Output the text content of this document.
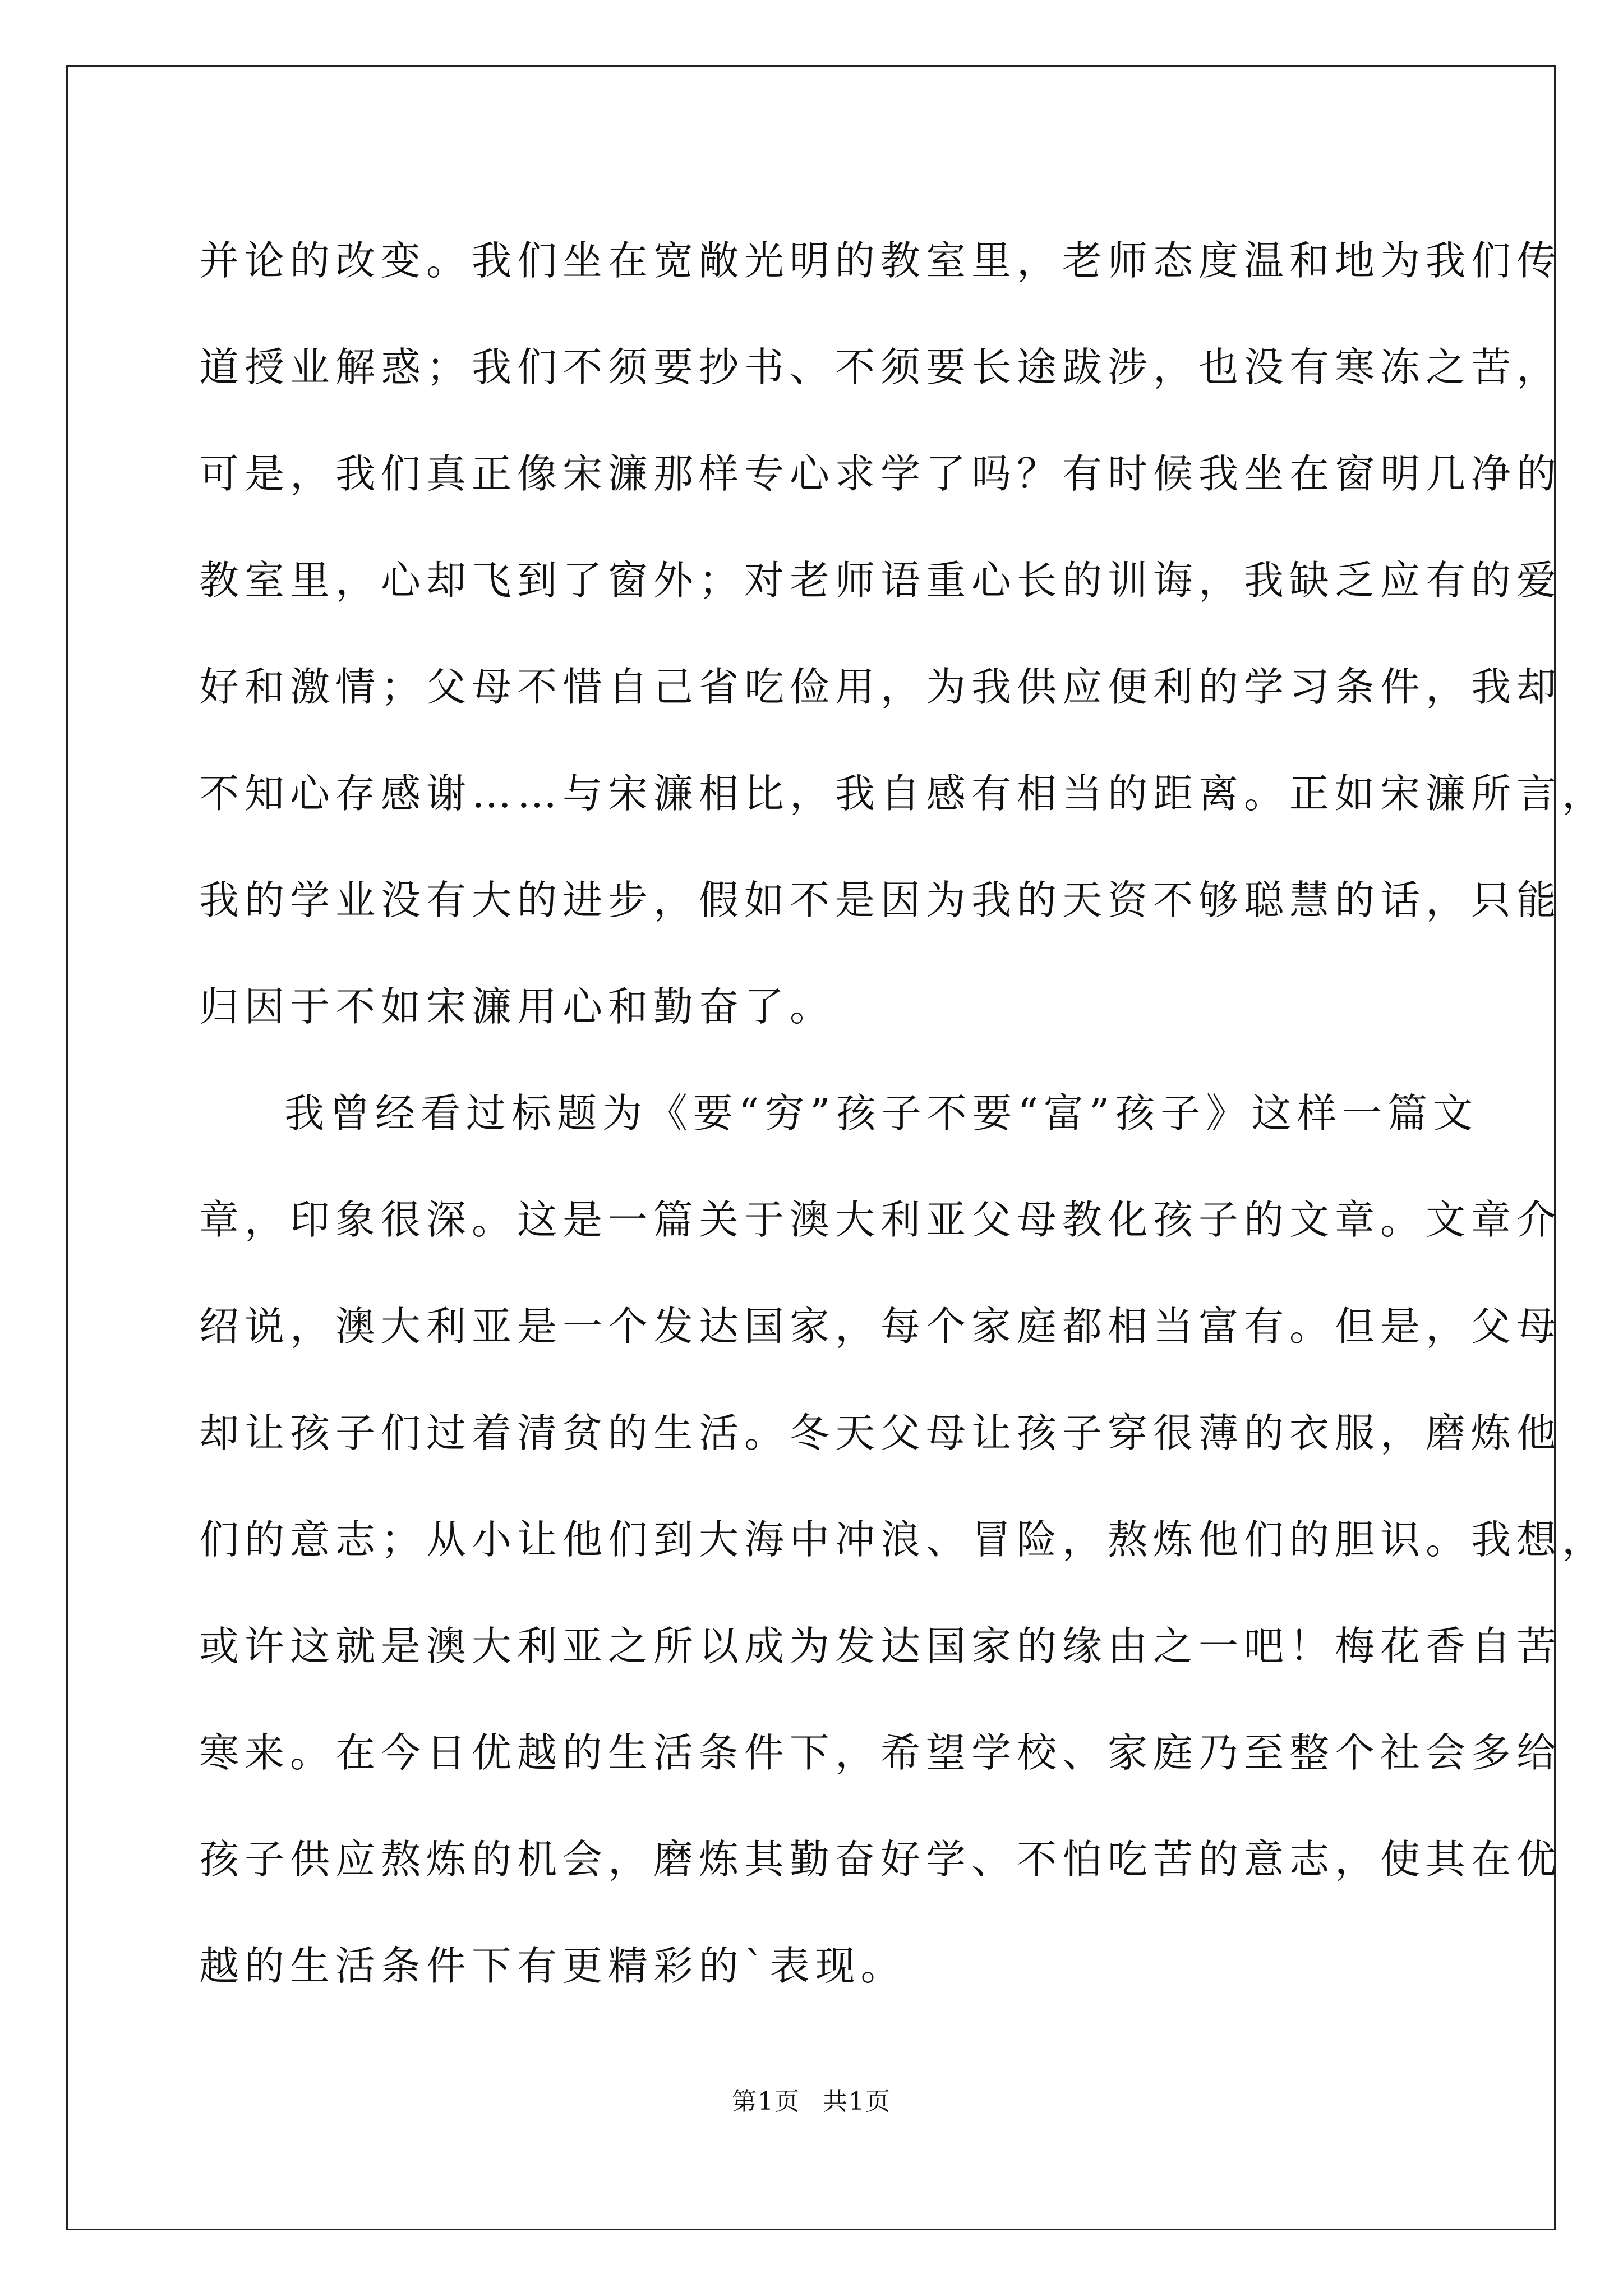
并论的改变。我们坐在宽敞光明的教室里，老师态度温和地为我们传
道授业解惑；我们不须要抄书、不须要长途跋涉，也没有寒冻之苦，
可是，我们真正像宋濂那样专心求学了吗？有时候我坐在窗明几净的
教室里，心却飞到了窗外；对老师语重心长的训诲，我缺乏应有的爱
好和激情；父母不惜自己省吃俭用，为我供应便利的学习条件，我却
不知心存感谢……与宋濂相比，我自感有相当的距离。正如宋濂所言，
我的学业没有大的进步，假如不是因为我的天资不够聪慧的话，只能
归因于不如宋濂用心和勤奋了。
我曾经看过标题为《要“穷”孩子不要“富”孩子》这样一篇文
章，印象很深。这是一篇关于澳大利亚父母教化孩子的文章。文章介
绍说，澳大利亚是一个发达国家，每个家庭都相当富有。但是，父母
却让孩子们过着清贫的生活。冬天父母让孩子穿很薄的衣服，磨炼他
们的意志；从小让他们到大海中冲浪、冒险，熬炼他们的胆识。我想，
或许这就是澳大利亚之所以成为发达国家的缘由之一吧！梅花香自苦
寒来。在今日优越的生活条件下，希望学校、家庭乃至整个社会多给
孩子供应熬炼的机会，磨炼其勤奋好学、不怕吃苦的意志，使其在优
越的生活条件下有更精彩的`表现。
第1页 共1页
